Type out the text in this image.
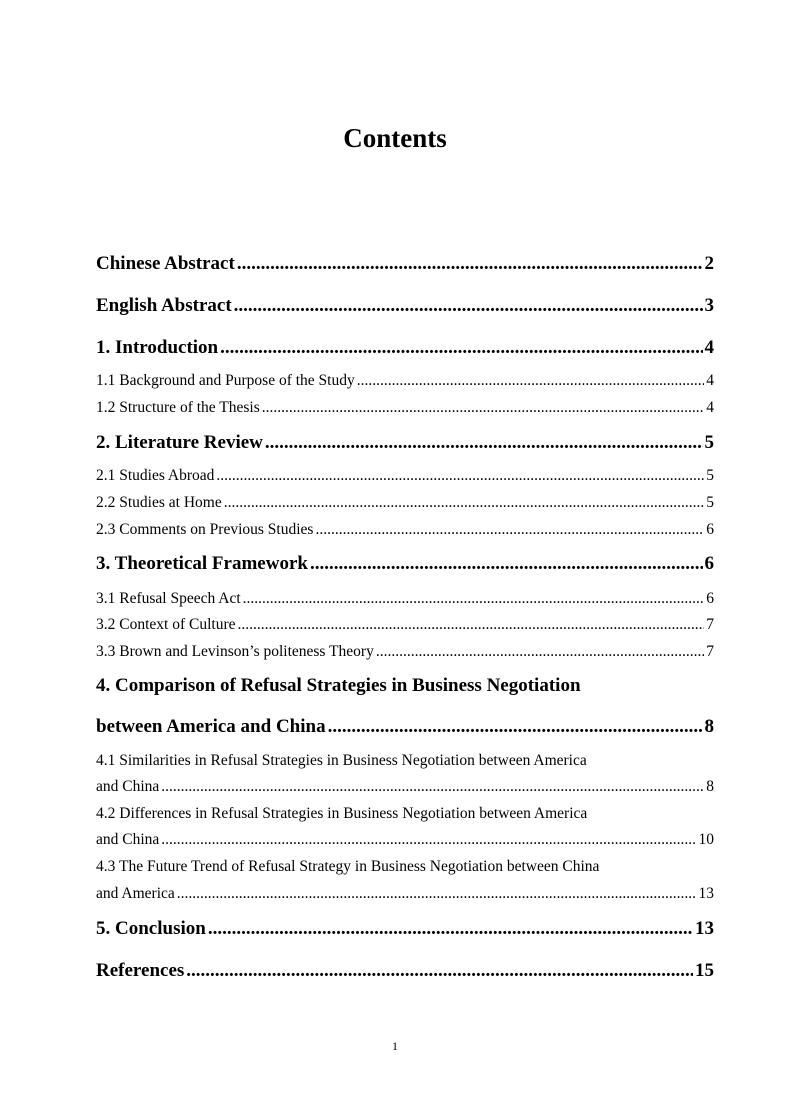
Contents
Chinese Abstract .....	2
English Abstract .....	3
1. Introduction .....	4
1.1 Background and Purpose of the Study .....	4
1.2 Structure of the Thesis .....	4
2. Literature Review .....	5
2.1 Studies Abroad .....	5
2.2 Studies at Home .....	5
2.3 Comments on Previous Studies .....	6
3. Theoretical Framework .....	6
3.1 Refusal Speech Act .....	6
3.2 Context of Culture .....	7
3.3 Brown and Levinson’s politeness Theory .....	7
4. Comparison of Refusal Strategies in Business Negotiation
between America and China .....	8
4.1 Similarities in Refusal Strategies in Business Negotiation between America
and China .....	8
4.2 Differences in Refusal Strategies in Business Negotiation between America
and China .....	10
4.3 The Future Trend of Refusal Strategy in Business Negotiation between China
and America .....	13
5. Conclusion .....	13
References .....	15
1
